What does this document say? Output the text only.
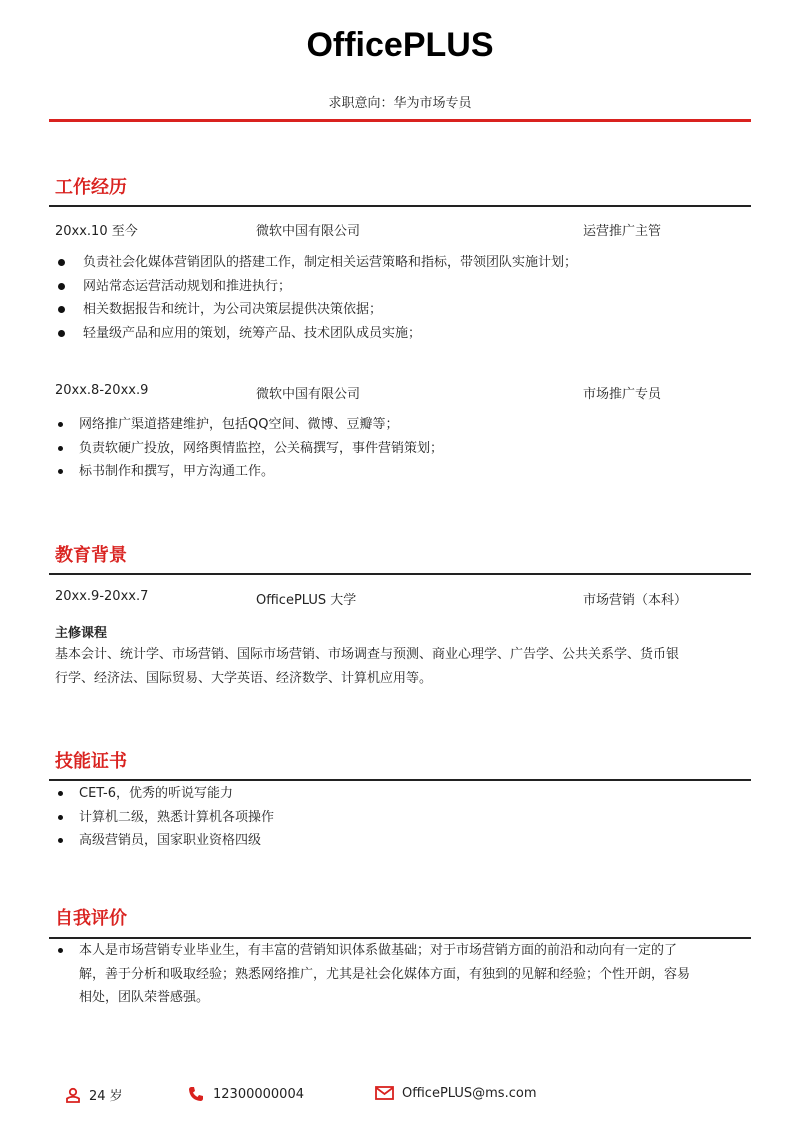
OfficePLUS
求职意向：华为市场专员
工作经历
20xx.10 至今	微软中国有限公司	运营推广主管
负责社会化媒体营销团队的搭建工作，制定相关运营策略和指标，带领团队实施计划；
网站常态运营活动规划和推进执行；
相关数据报告和统计，为公司决策层提供决策依据；
轻量级产品和应用的策划，统筹产品、技术团队成员实施；
20xx.8-20xx.9	微软中国有限公司	市场推广专员
网络推广渠道搭建维护，包括QQ空间、微博、豆瓣等；
负责软硬广投放，网络舆情监控，公关稿撰写，事件营销策划；
标书制作和撰写，甲方沟通工作。
教育背景
20xx.9-20xx.7	OfficePLUS 大学	市场营销（本科）
主修课程
基本会计、统计学、市场营销、国际市场营销、市场调查与预测、商业心理学、广告学、公共关系学、货币银
行学、经济法、国际贸易、大学英语、经济数学、计算机应用等。
技能证书
CET-6，优秀的听说写能力
计算机二级，熟悉计算机各项操作
高级营销员，国家职业资格四级
自我评价
本人是市场营销专业毕业生，有丰富的营销知识体系做基础；对于市场营销方面的前沿和动向有一定的了
解，善于分析和吸取经验；熟悉网络推广，尤其是社会化媒体方面，有独到的见解和经验；个性开朗，容易
相处，团队荣誉感强。
24 岁	12300000004	OfficePLUS@ms.com
